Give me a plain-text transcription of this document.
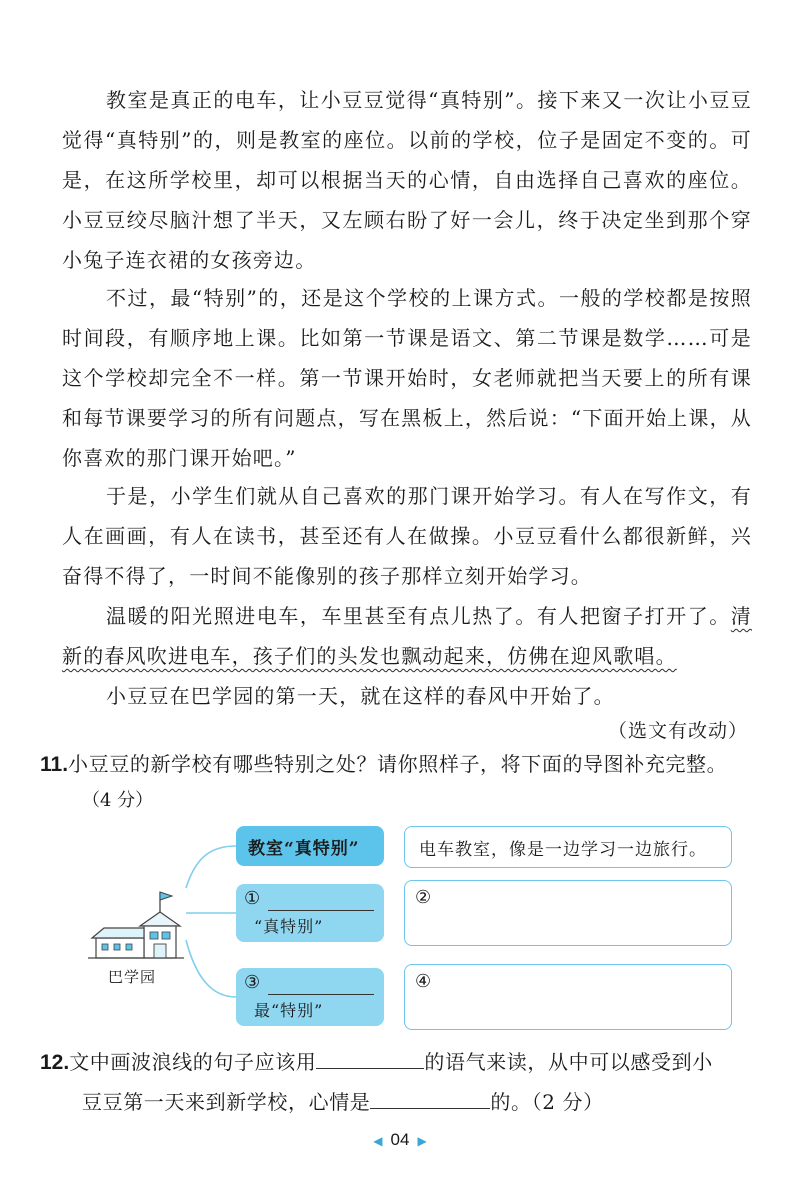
教室是真正的电车，让小豆豆觉得“真特别”。接下来又一次让小豆豆觉得“真特别”的，则是教室的座位。以前的学校，位子是固定不变的。可是，在这所学校里，却可以根据当天的心情，自由选择自己喜欢的座位。小豆豆绞尽脑汁想了半天，又左顾右盼了好一会儿，终于决定坐到那个穿小兔子连衣裙的女孩旁边。

不过，最“特别”的，还是这个学校的上课方式。一般的学校都是按照时间段，有顺序地上课。比如第一节课是语文、第二节课是数学……可是这个学校却完全不一样。第一节课开始时，女老师就把当天要上的所有课和每节课要学习的所有问题点，写在黑板上，然后说：“下面开始上课，从你喜欢的那门课开始吧。”

于是，小学生们就从自己喜欢的那门课开始学习。有人在写作文，有人在画画，有人在读书，甚至还有人在做操。小豆豆看什么都很新鲜，兴奋得不得了，一时间不能像别的孩子那样立刻开始学习。

温暖的阳光照进电车，车里甚至有点儿热了。有人把窗子打开了。清新的春风吹进电车，孩子们的头发也飘动起来，仿佛在迎风歌唱。

小豆豆在巴学园的第一天，就在这样的春风中开始了。

（选文有改动）
11.小豆豆的新学校有哪些特别之处？请你照样子，将下面的导图补充完整。
（4 分）
巴学园
教室“真特别”	电车教室，像是一边学习一边旅行。
①
“真特别”
②
③
最“特别”
④
12.文中画波浪线的句子应该用	的语气来读，从中可以感受到小
豆豆第一天来到新学校，心情是	的。（2 分）
◀ 04 ▶
